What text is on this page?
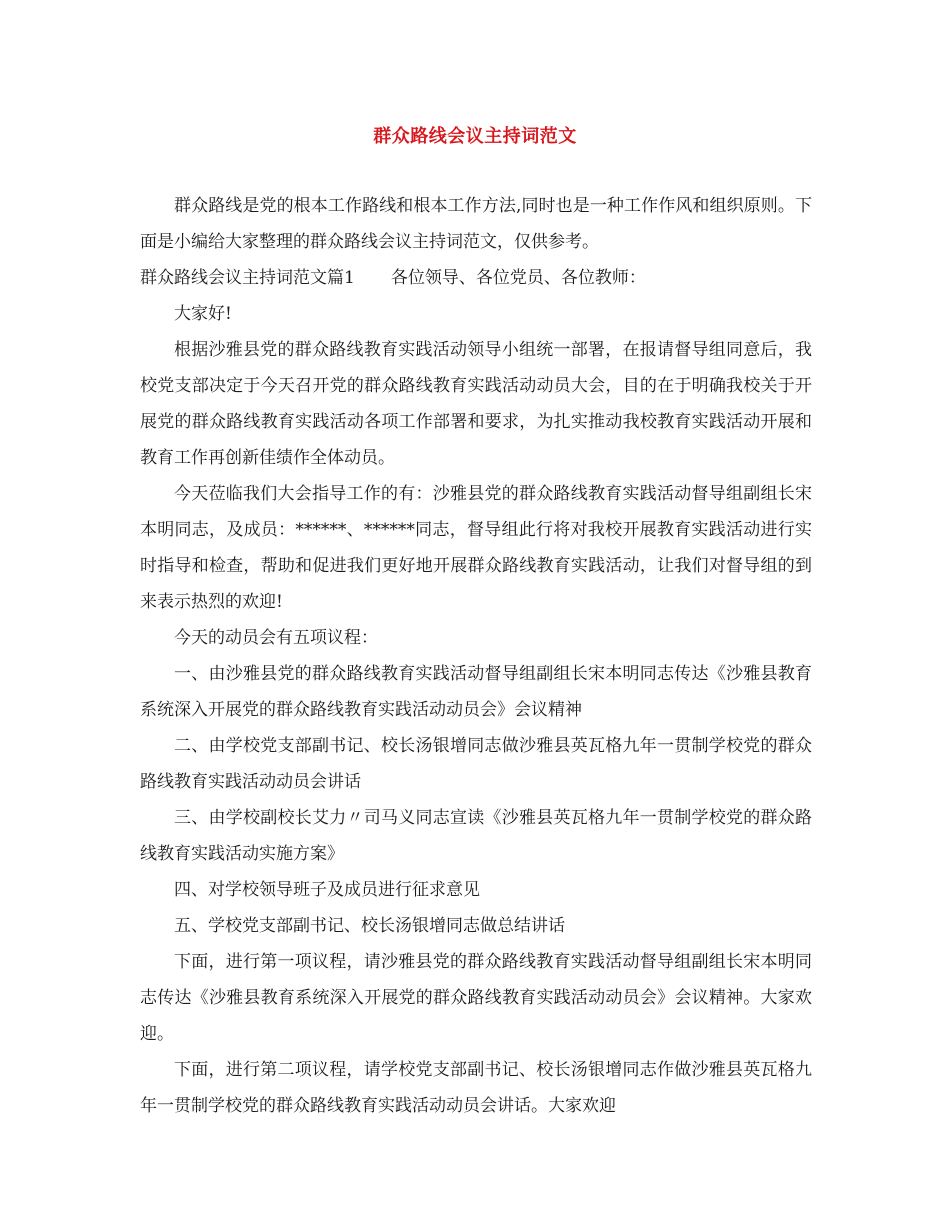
群众路线会议主持词范文

群众路线是党的根本工作路线和根本工作方法,同时也是一种工作作风和组织原则。下面是小编给大家整理的群众路线会议主持词范文，仅供参考。

群众路线会议主持词范文篇1 各位领导、各位党员、各位教师：

大家好!

根据沙雅县党的群众路线教育实践活动领导小组统一部署，在报请督导组同意后，我校党支部决定于今天召开党的群众路线教育实践活动动员大会，目的在于明确我校关于开展党的群众路线教育实践活动各项工作部署和要求，为扎实推动我校教育实践活动开展和教育工作再创新佳绩作全体动员。

今天莅临我们大会指导工作的有：沙雅县党的群众路线教育实践活动督导组副组长宋本明同志，及成员：******、******同志，督导组此行将对我校开展教育实践活动进行实时指导和检查，帮助和促进我们更好地开展群众路线教育实践活动，让我们对督导组的到来表示热烈的欢迎!

今天的动员会有五项议程：

一、由沙雅县党的群众路线教育实践活动督导组副组长宋本明同志传达《沙雅县教育系统深入开展党的群众路线教育实践活动动员会》会议精神

二、由学校党支部副书记、校长汤银增同志做沙雅县英瓦格九年一贯制学校党的群众路线教育实践活动动员会讲话

三、由学校副校长艾力〃司马义同志宣读《沙雅县英瓦格九年一贯制学校党的群众路线教育实践活动实施方案》

四、对学校领导班子及成员进行征求意见

五、学校党支部副书记、校长汤银增同志做总结讲话

下面，进行第一项议程，请沙雅县党的群众路线教育实践活动督导组副组长宋本明同志传达《沙雅县教育系统深入开展党的群众路线教育实践活动动员会》会议精神。大家欢迎。

下面，进行第二项议程，请学校党支部副书记、校长汤银增同志作做沙雅县英瓦格九年一贯制学校党的群众路线教育实践活动动员会讲话。大家欢迎
